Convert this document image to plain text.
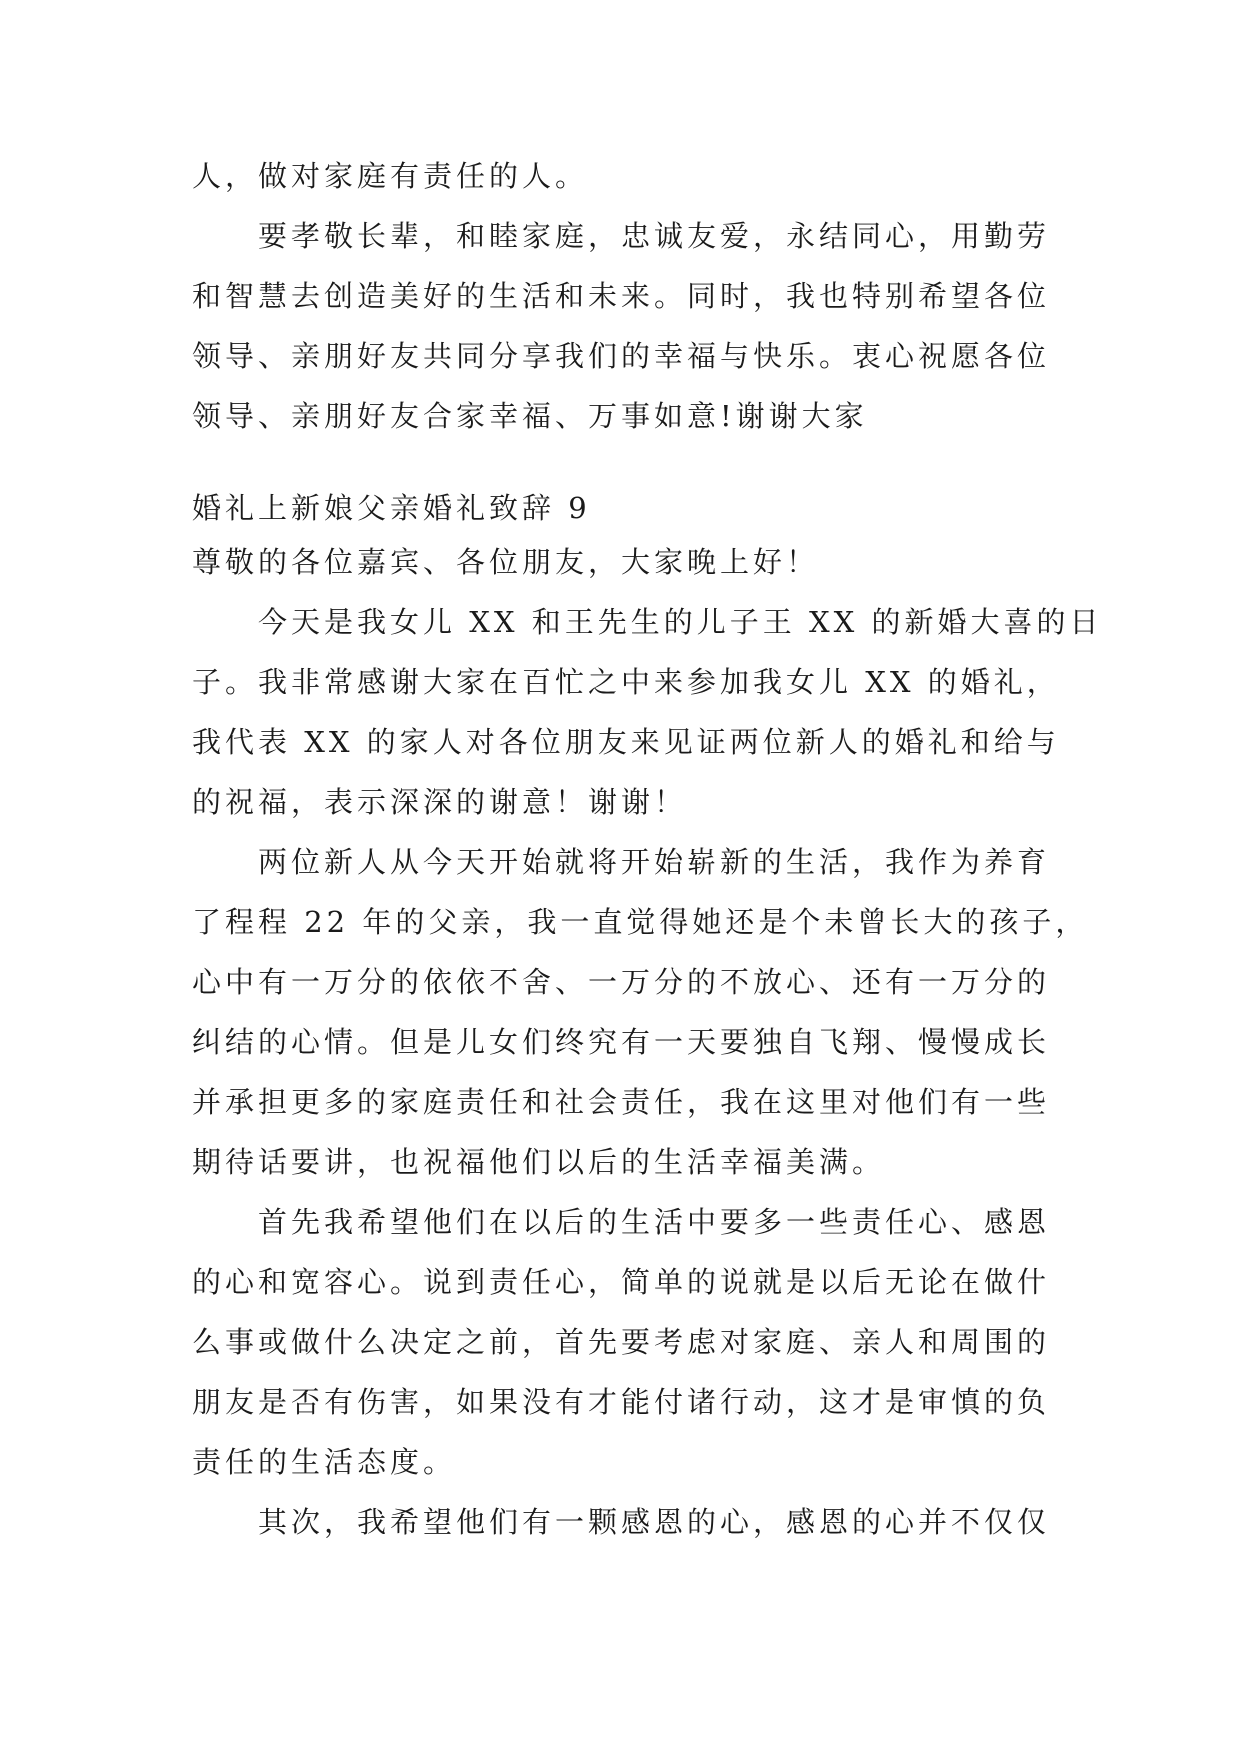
人，做对家庭有责任的人。
　　要孝敬长辈，和睦家庭，忠诚友爱，永结同心，用勤劳
和智慧去创造美好的生活和未来。同时，我也特别希望各位
领导、亲朋好友共同分享我们的幸福与快乐。衷心祝愿各位
领导、亲朋好友合家幸福、万事如意!谢谢大家
婚礼上新娘父亲婚礼致辞 9
尊敬的各位嘉宾、各位朋友，大家晚上好！
　　今天是我女儿 XX 和王先生的儿子王 XX 的新婚大喜的日
子。我非常感谢大家在百忙之中来参加我女儿 XX 的婚礼，
我代表 XX 的家人对各位朋友来见证两位新人的婚礼和给与
的祝福，表示深深的谢意！谢谢！
　　两位新人从今天开始就将开始崭新的生活，我作为养育
了程程 22 年的父亲，我一直觉得她还是个未曾长大的孩子，
心中有一万分的依依不舍、一万分的不放心、还有一万分的
纠结的心情。但是儿女们终究有一天要独自飞翔、慢慢成长
并承担更多的家庭责任和社会责任，我在这里对他们有一些
期待话要讲，也祝福他们以后的生活幸福美满。
　　首先我希望他们在以后的生活中要多一些责任心、感恩
的心和宽容心。说到责任心，简单的说就是以后无论在做什
么事或做什么决定之前，首先要考虑对家庭、亲人和周围的
朋友是否有伤害，如果没有才能付诸行动，这才是审慎的负
责任的生活态度。
　　其次，我希望他们有一颗感恩的心，感恩的心并不仅仅
